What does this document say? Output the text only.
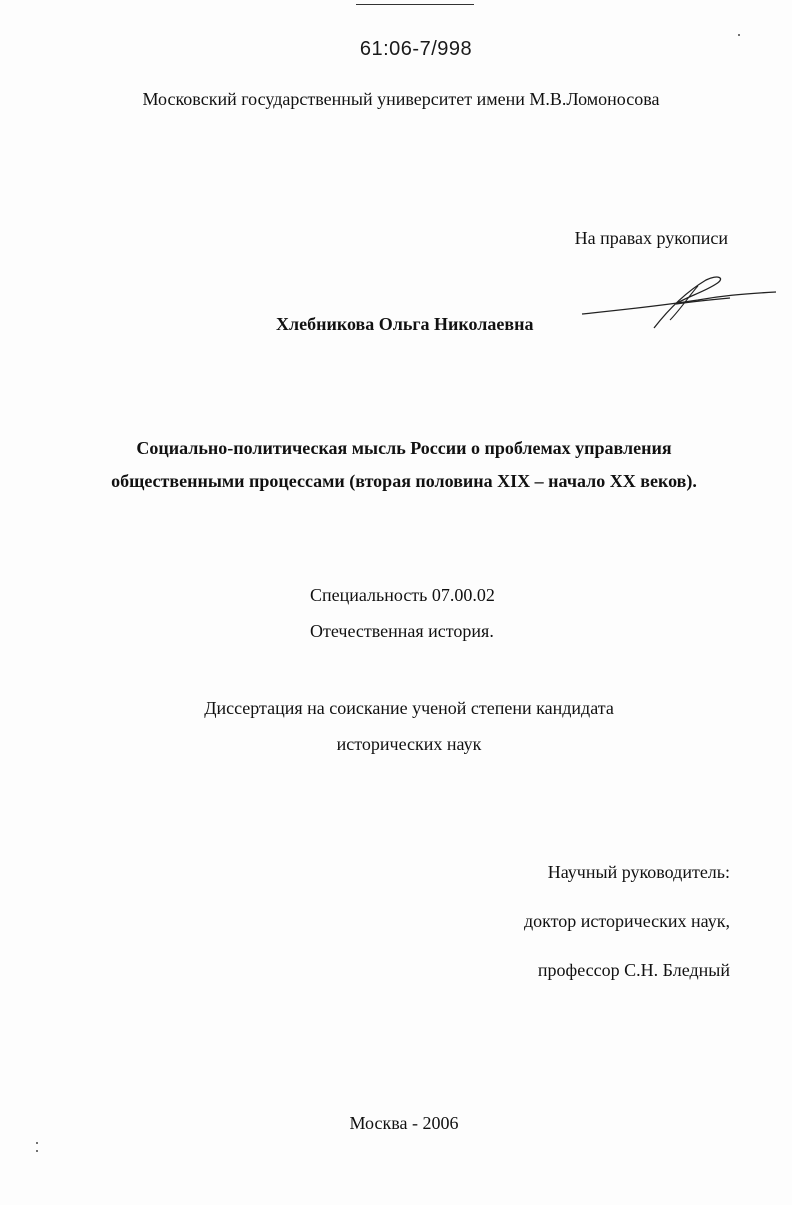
61:06-7/998
Московский государственный университет имени М.В.Ломоносова
На правах рукописи
Хлебникова Ольга Николаевна
Социально-политическая мысль России о проблемах управления
общественными процессами (вторая половина XIX – начало XX веков).
Специальность 07.00.02
Отечественная история.
Диссертация на соискание ученой степени кандидата
исторических наук
Научный руководитель:
доктор исторических наук,
профессор С.Н. Бледный
Москва - 2006
